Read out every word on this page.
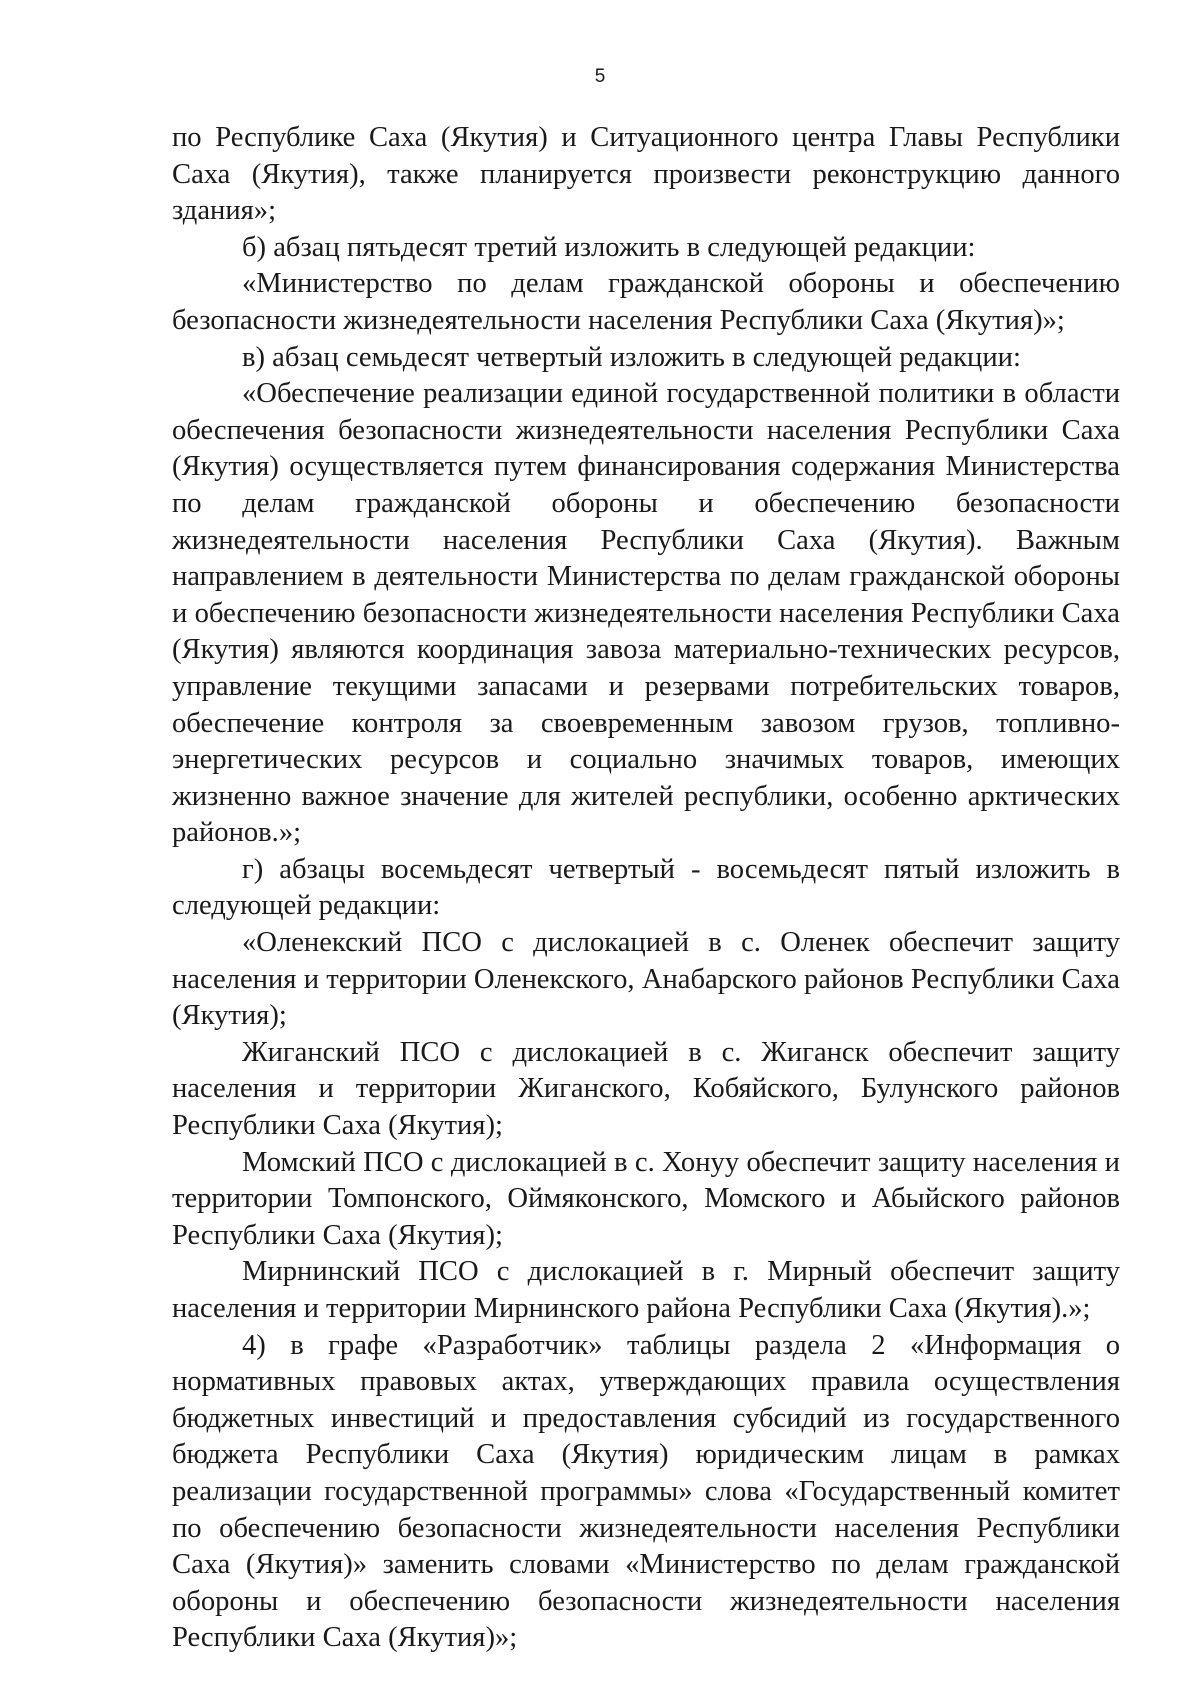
5

по Республике Саха (Якутия) и Ситуационного центра Главы Республики Саха (Якутия), также планируется произвести реконструкцию данного здания»;

б) абзац пятьдесят третий изложить в следующей редакции:

«Министерство по делам гражданской обороны и обеспечению безопасности жизнедеятельности населения Республики Саха (Якутия)»;

в) абзац семьдесят четвертый изложить в следующей редакции:

«Обеспечение реализации единой государственной политики в области обеспечения безопасности жизнедеятельности населения Республики Саха (Якутия) осуществляется путем финансирования содержания Министерства по делам гражданской обороны и обеспечению безопасности жизнедеятельности населения Республики Саха (Якутия). Важным направлением в деятельности Министерства по делам гражданской обороны и обеспечению безопасности жизнедеятельности населения Республики Саха (Якутия) являются координация завоза материально-технических ресурсов, управление текущими запасами и резервами потребительских товаров, обеспечение контроля за своевременным завозом грузов, топливно-энергетических ресурсов и социально значимых товаров, имеющих жизненно важное значение для жителей республики, особенно арктических районов.»;

г) абзацы восемьдесят четвертый - восемьдесят пятый изложить в следующей редакции:

«Оленекский ПСО с дислокацией в с. Оленек обеспечит защиту населения и территории Оленекского, Анабарского районов Республики Саха (Якутия);

Жиганский ПСО с дислокацией в с. Жиганск обеспечит защиту населения и территории Жиганского, Кобяйского, Булунского районов Республики Саха (Якутия);

Момский ПСО с дислокацией в с. Хонуу обеспечит защиту населения и территории Томпонского, Оймяконского, Момского и Абыйского районов Республики Саха (Якутия);

Мирнинский ПСО с дислокацией в г. Мирный обеспечит защиту населения и территории Мирнинского района Республики Саха (Якутия).»;

4) в графе «Разработчик» таблицы раздела 2 «Информация о нормативных правовых актах, утверждающих правила осуществления бюджетных инвестиций и предоставления субсидий из государственного бюджета Республики Саха (Якутия) юридическим лицам в рамках реализации государственной программы» слова «Государственный комитет по обеспечению безопасности жизнедеятельности населения Республики Саха (Якутия)» заменить словами «Министерство по делам гражданской обороны и обеспечению безопасности жизнедеятельности населения Республики Саха (Якутия)»;
